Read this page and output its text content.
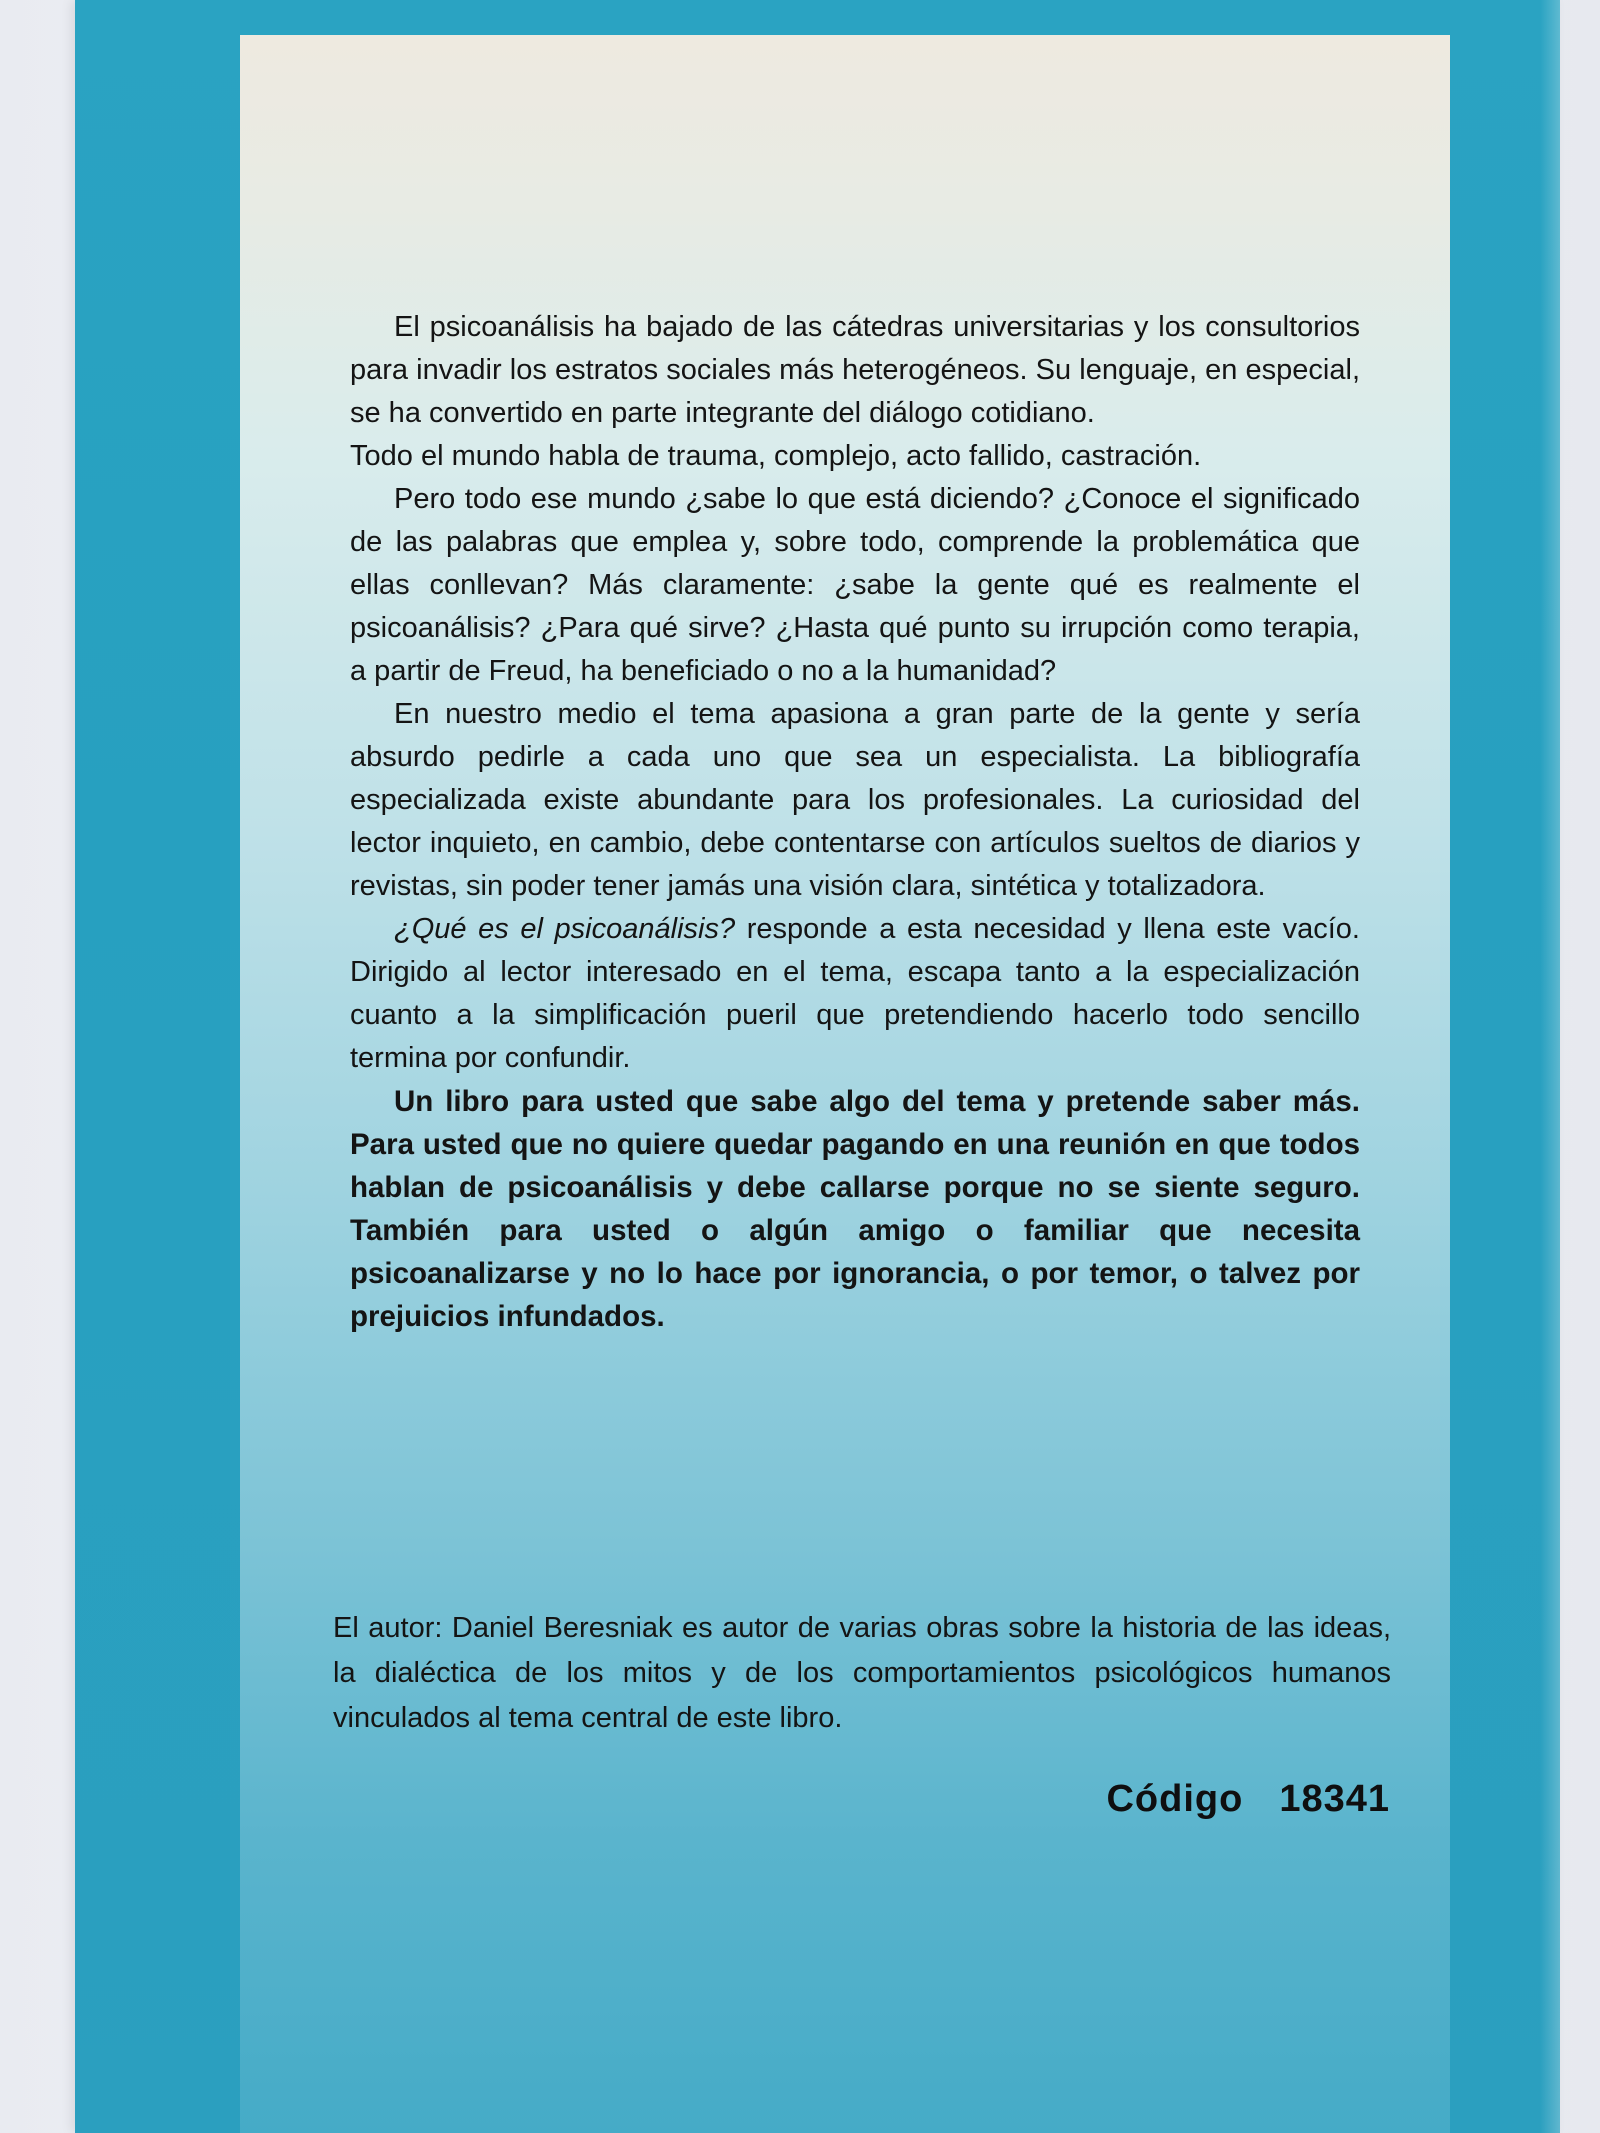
El psicoanálisis ha bajado de las cátedras universitarias y los consultorios para invadir los estratos sociales más heterogéneos. Su lenguaje, en especial, se ha convertido en parte integrante del diálogo cotidiano.

Todo el mundo habla de trauma, complejo, acto fallido, castración.

Pero todo ese mundo ¿sabe lo que está diciendo? ¿Conoce el significado de las palabras que emplea y, sobre todo, comprende la problemática que ellas conllevan? Más claramente: ¿sabe la gente qué es realmente el psicoanálisis? ¿Para qué sirve? ¿Hasta qué punto su irrupción como terapia, a partir de Freud, ha beneficiado o no a la humanidad?

En nuestro medio el tema apasiona a gran parte de la gente y sería absurdo pedirle a cada uno que sea un especialista. La bibliografía especializada existe abundante para los profesionales. La curiosidad del lector inquieto, en cambio, debe contentarse con artículos sueltos de diarios y revistas, sin poder tener jamás una visión clara, sintética y totalizadora.

¿Qué es el psicoanálisis? responde a esta necesidad y llena este vacío. Dirigido al lector interesado en el tema, escapa tanto a la especialización cuanto a la simplificación pueril que pretendiendo hacerlo todo sencillo termina por confundir.

Un libro para usted que sabe algo del tema y pretende saber más. Para usted que no quiere quedar pagando en una reunión en que todos hablan de psicoanálisis y debe callarse porque no se siente seguro. También para usted o algún amigo o familiar que necesita psicoanalizarse y no lo hace por ignorancia, o por temor, o talvez por prejuicios infundados.

El autor: Daniel Beresniak es autor de varias obras sobre la historia de las ideas, la dialéctica de los mitos y de los comportamientos psicológicos humanos vinculados al tema central de este libro.

Código 18341
